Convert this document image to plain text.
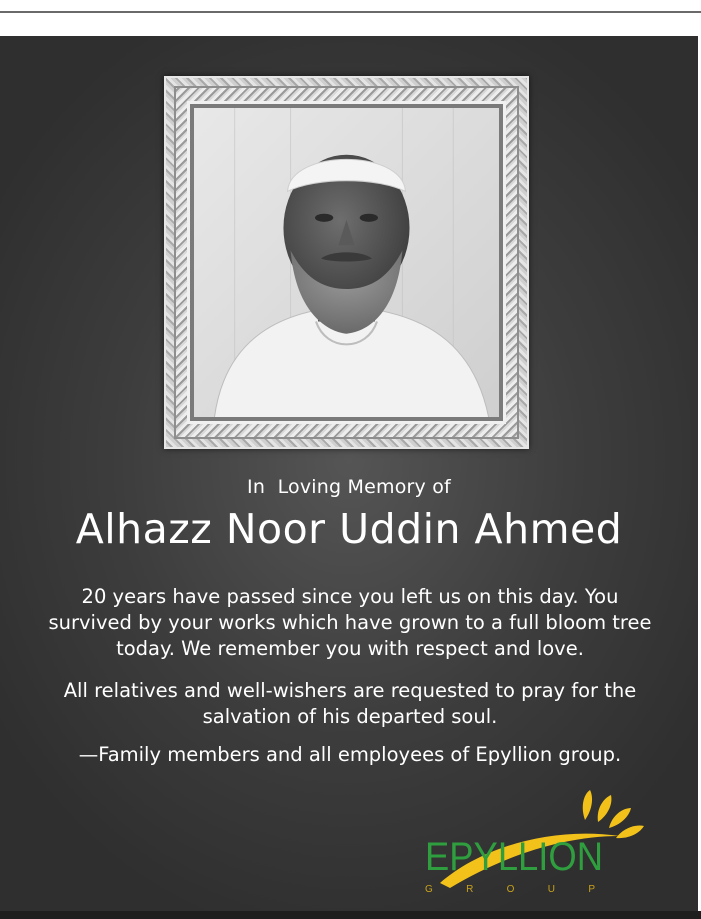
In  Loving Memory of

Alhazz Noor Uddin Ahmed

20 years have passed since you left us on this day. You survived by your works which have grown to a full bloom tree today. We remember you with respect and love.

All relatives and well-wishers are requested to pray for the salvation of his departed soul.

—Family members and all employees of Epyllion group.

EPYLLION
G R O U P
